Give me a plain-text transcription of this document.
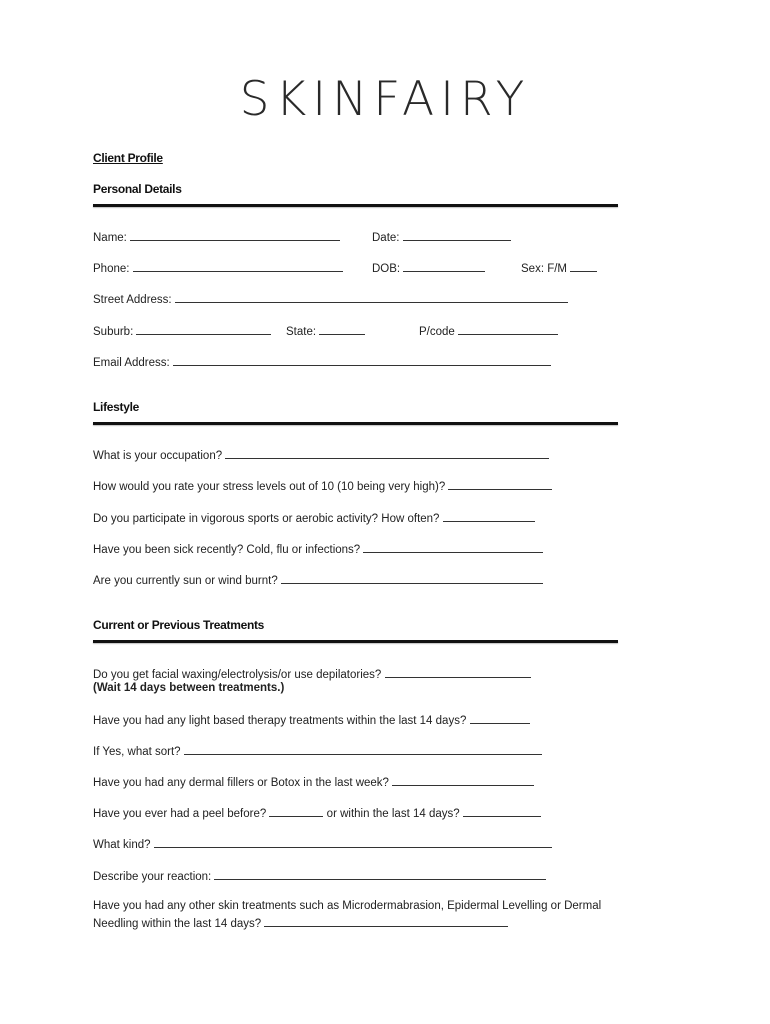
SKINFAIRY
Client Profile
Personal Details
Name:	Date:
Phone:	DOB:	Sex: F/M
Street Address:
Suburb:	State:	P/code
Email Address:
Lifestyle
What is your occupation?
How would you rate your stress levels out of 10 (10 being very high)?
Do you participate in vigorous sports or aerobic activity? How often?
Have you been sick recently? Cold, flu or infections?
Are you currently sun or wind burnt?
Current or Previous Treatments
Do you get facial waxing/electrolysis/or use depilatories?
(Wait 14 days between treatments.)
Have you had any light based therapy treatments within the last 14 days?
If Yes, what sort?
Have you had any dermal fillers or Botox in the last week?
Have you ever had a peel before?	or within the last 14 days?
What kind?
Describe your reaction:
Have you had any other skin treatments such as Microdermabrasion, Epidermal Levelling or Dermal
Needling within the last 14 days?
